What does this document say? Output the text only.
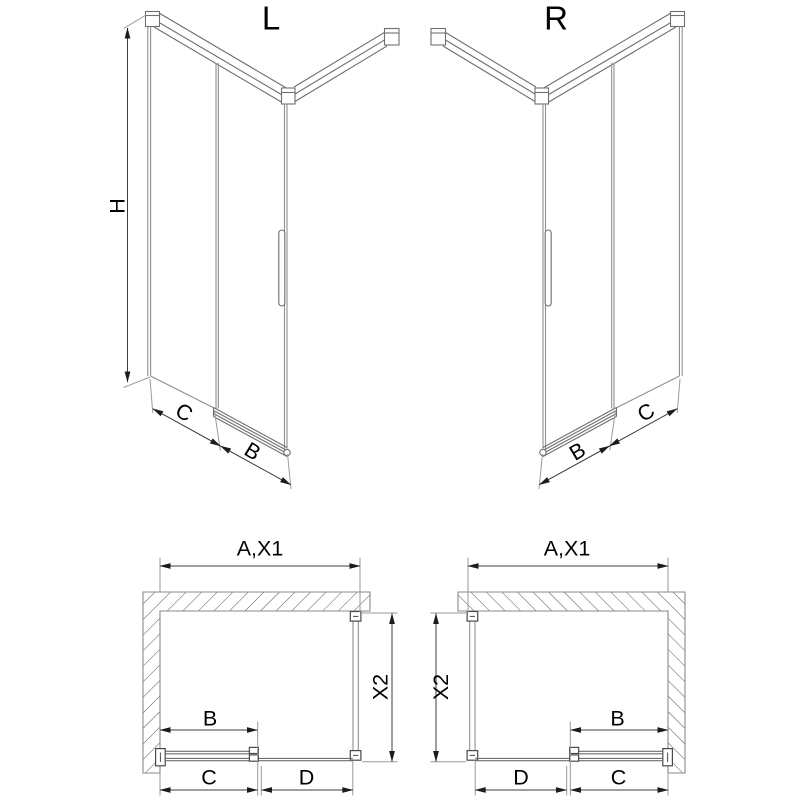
L
H
C
B
R
B
C
A,X1
X2
B
C	D
A,X1
X2
B
D	C
